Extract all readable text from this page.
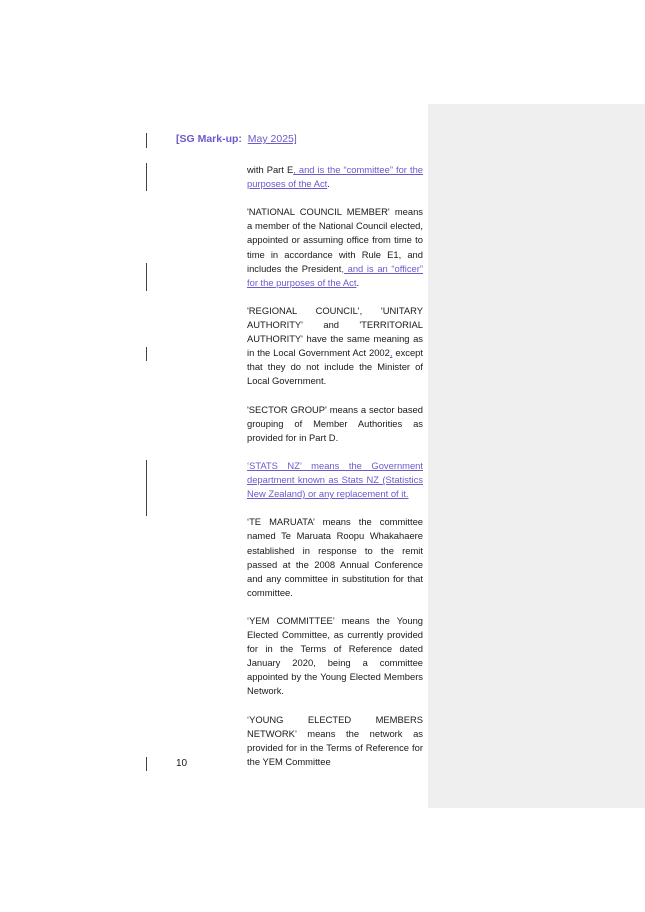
[SG Mark-up: May 2025]

with Part E, and is the “committee” for the purposes of the Act.

'NATIONAL COUNCIL MEMBER' means a member of the National Council elected, appointed or assuming office from time to time in accordance with Rule E1, and includes the President, and is an “officer” for the purposes of the Act.

'REGIONAL COUNCIL', 'UNITARY AUTHORITY' and 'TERRITORIAL AUTHORITY' have the same meaning as in the Local Government Act 2002, except that they do not include the Minister of Local Government.

'SECTOR GROUP' means a sector based grouping of Member Authorities as provided for in Part D.

‘STATS NZ’ means the Government department known as Stats NZ (Statistics New Zealand) or any replacement of it.

‘TE MARUATA’ means the committee named Te Maruata Roopu Whakahaere established in response to the remit passed at the 2008 Annual Conference and any committee in substitution for that committee.

‘YEM COMMITTEE’ means the Young Elected Committee, as currently provided for in the Terms of Reference dated January 2020, being a committee appointed by the Young Elected Members Network.

‘YOUNG ELECTED MEMBERS NETWORK’ means the network as provided for in the Terms of Reference for the YEM Committee

10
